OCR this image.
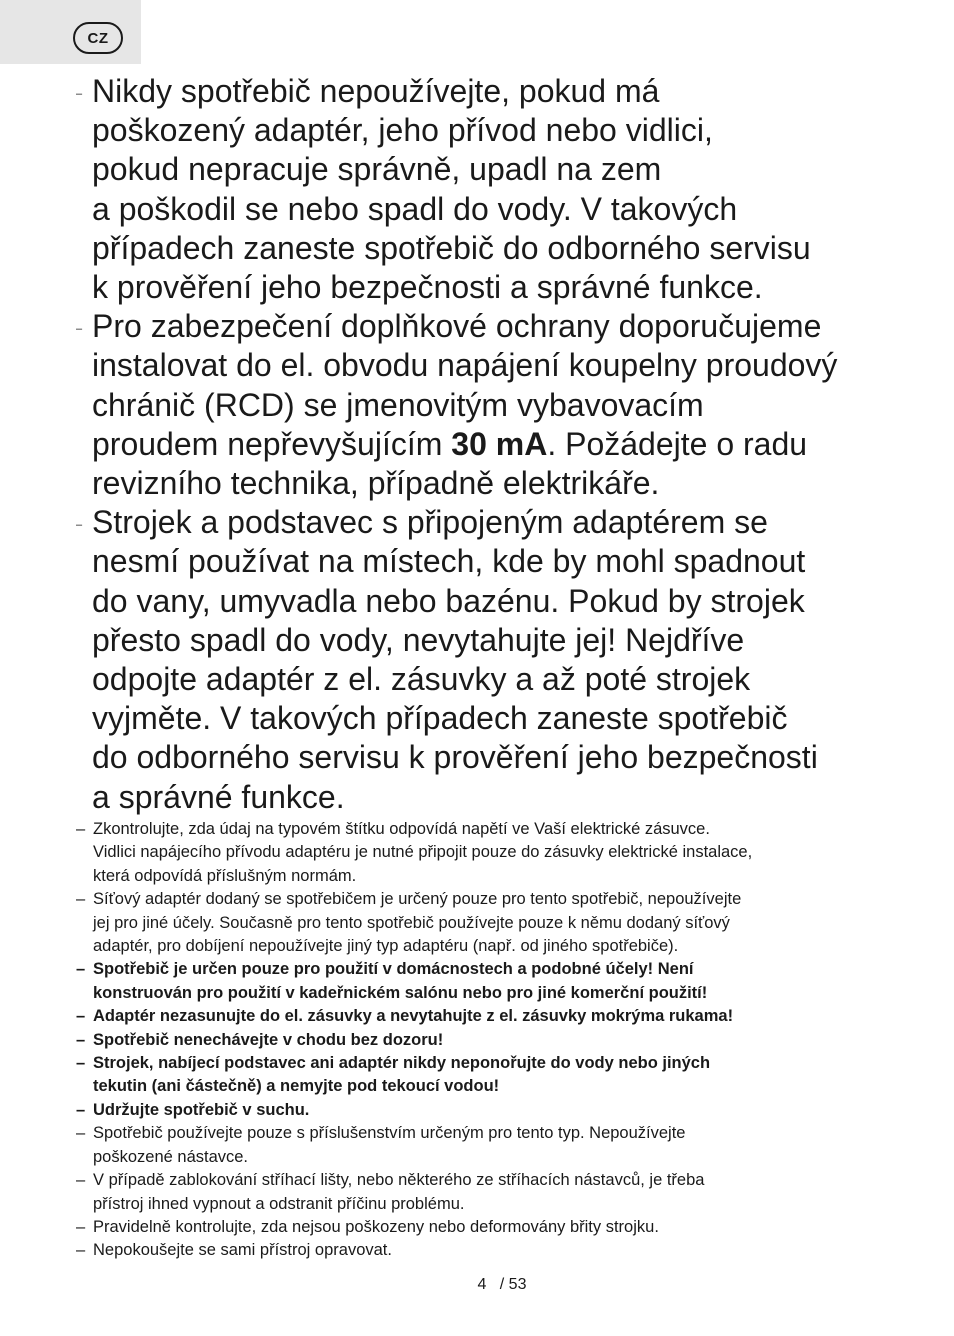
CZ
– Nikdy spotřebič nepoužívejte, pokud má
poškozený adaptér, jeho přívod nebo vidlici,
pokud nepracuje správně, upadl na zem
a poškodil se nebo spadl do vody. V takových
případech zaneste spotřebič do odborného servisu
k prověření jeho bezpečnosti a správné funkce.
– Pro zabezpečení doplňkové ochrany doporučujeme
instalovat do el. obvodu napájení koupelny proudový
chránič (RCD) se jmenovitým vybavovacím
proudem nepřevyšujícím 30 mA. Požádejte o radu
revizního technika, případně elektrikáře.
– Strojek a podstavec s připojeným adaptérem se
nesmí používat na místech, kde by mohl spadnout
do vany, umyvadla nebo bazénu. Pokud by strojek
přesto spadl do vody, nevytahujte jej! Nejdříve
odpojte adaptér z el. zásuvky a až poté strojek
vyjměte. V takových případech zaneste spotřebič
do odborného servisu k prověření jeho bezpečnosti
a správné funkce.
– Zkontrolujte, zda údaj na typovém štítku odpovídá napětí ve Vaší elektrické zásuvce.
Vidlici napájecího přívodu adaptéru je nutné připojit pouze do zásuvky elektrické instalace,
která odpovídá příslušným normám.
– Síťový adaptér dodaný se spotřebičem je určený pouze pro tento spotřebič, nepoužívejte
jej pro jiné účely. Současně pro tento spotřebič používejte pouze k němu dodaný síťový
adaptér, pro dobíjení nepoužívejte jiný typ adaptéru (např. od jiného spotřebiče).
– Spotřebič je určen pouze pro použití v domácnostech a podobné účely! Není
konstruován pro použití v kadeřnickém salónu nebo pro jiné komerční použití!
– Adaptér nezasunujte do el. zásuvky a nevytahujte z el. zásuvky mokrýma rukama!
– Spotřebič nenechávejte v chodu bez dozoru!
– Strojek, nabíjecí podstavec ani adaptér nikdy neponořujte do vody nebo jiných
tekutin (ani částečně) a nemyjte pod tekoucí vodou!
– Udržujte spotřebič v suchu.
– Spotřebič používejte pouze s příslušenstvím určeným pro tento typ. Nepoužívejte
poškozené nástavce.
– V případě zablokování stříhací lišty, nebo některého ze stříhacích nástavců, je třeba
přístroj ihned vypnout a odstranit příčinu problému.
– Pravidelně kontrolujte, zda nejsou poškozeny nebo deformovány břity strojku.
– Nepokoušejte se sami přístroj opravovat.
4 / 53
